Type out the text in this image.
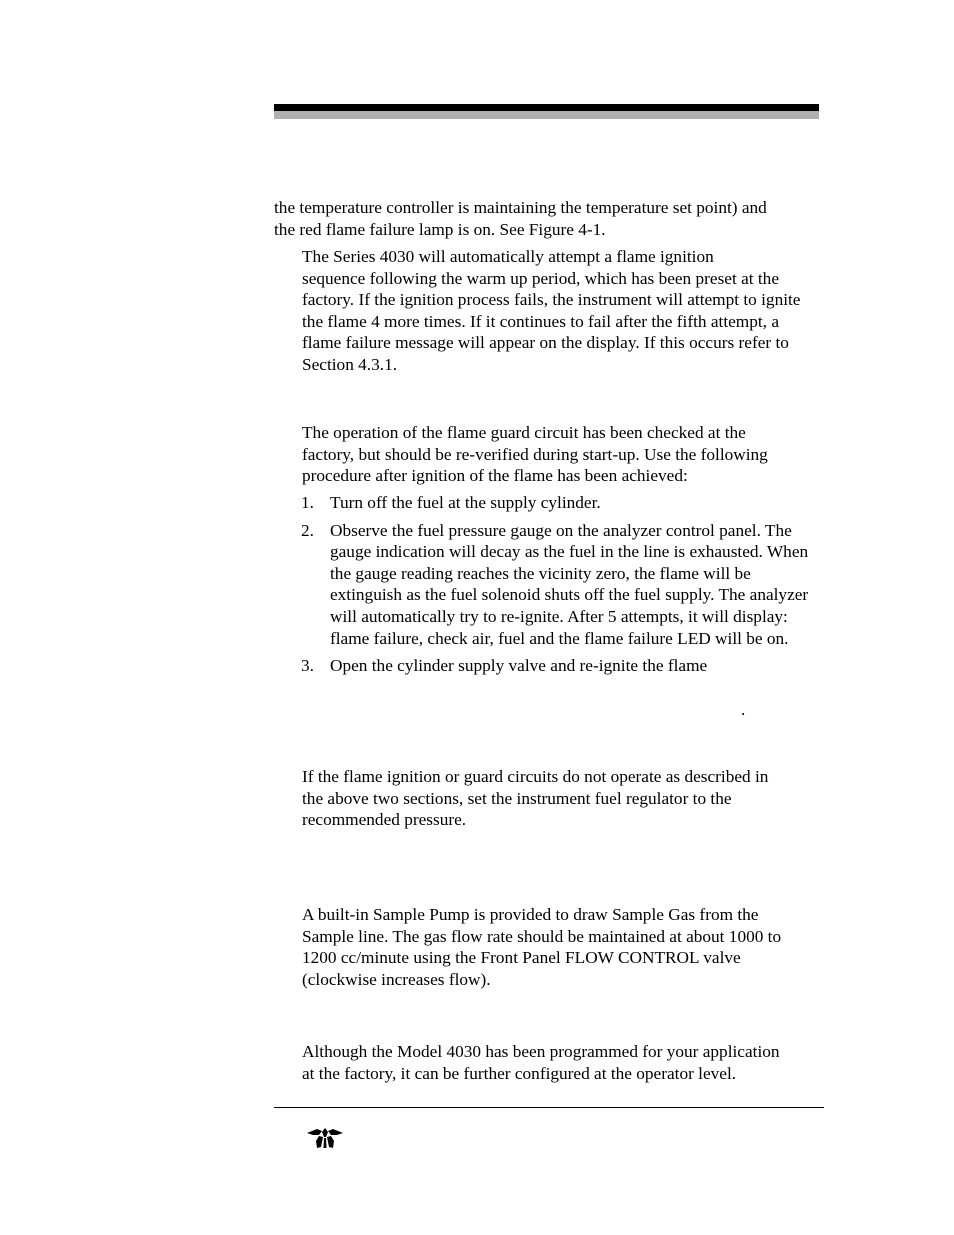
the temperature controller is maintaining the temperature set point) and
the red flame failure lamp is on. See Figure 4-1.

The Series 4030 will automatically attempt a flame ignition
sequence following the warm up period, which has been preset at the
factory. If the ignition process fails, the instrument will attempt to ignite
the flame 4 more times. If it continues to fail after the fifth attempt, a
flame failure message will appear on the display. If this occurs refer to
Section 4.3.1.

The operation of the flame guard circuit has been checked at the
factory, but should be re-verified during start-up. Use the following
procedure after ignition of the flame has been achieved:

1. Turn off the fuel at the supply cylinder.
2. Observe the fuel pressure gauge on the analyzer control panel. The gauge indication will decay as the fuel in the line is exhausted. When the gauge reading reaches the vicinity zero, the flame will be extinguish as the fuel solenoid shuts off the fuel supply. The analyzer will automatically try to re-ignite. After 5 attempts, it will display: flame failure, check air, fuel and the flame failure LED will be on.
3. Open the cylinder supply valve and re-ignite the flame
.

If the flame ignition or guard circuits do not operate as described in
the above two sections, set the instrument fuel regulator to the
recommended pressure.

A built-in Sample Pump is provided to draw Sample Gas from the
Sample line. The gas flow rate should be maintained at about 1000 to
1200 cc/minute using the Front Panel FLOW CONTROL valve
(clockwise increases flow).

Although the Model 4030 has been programmed for your application
at the factory, it can be further configured at the operator level.
